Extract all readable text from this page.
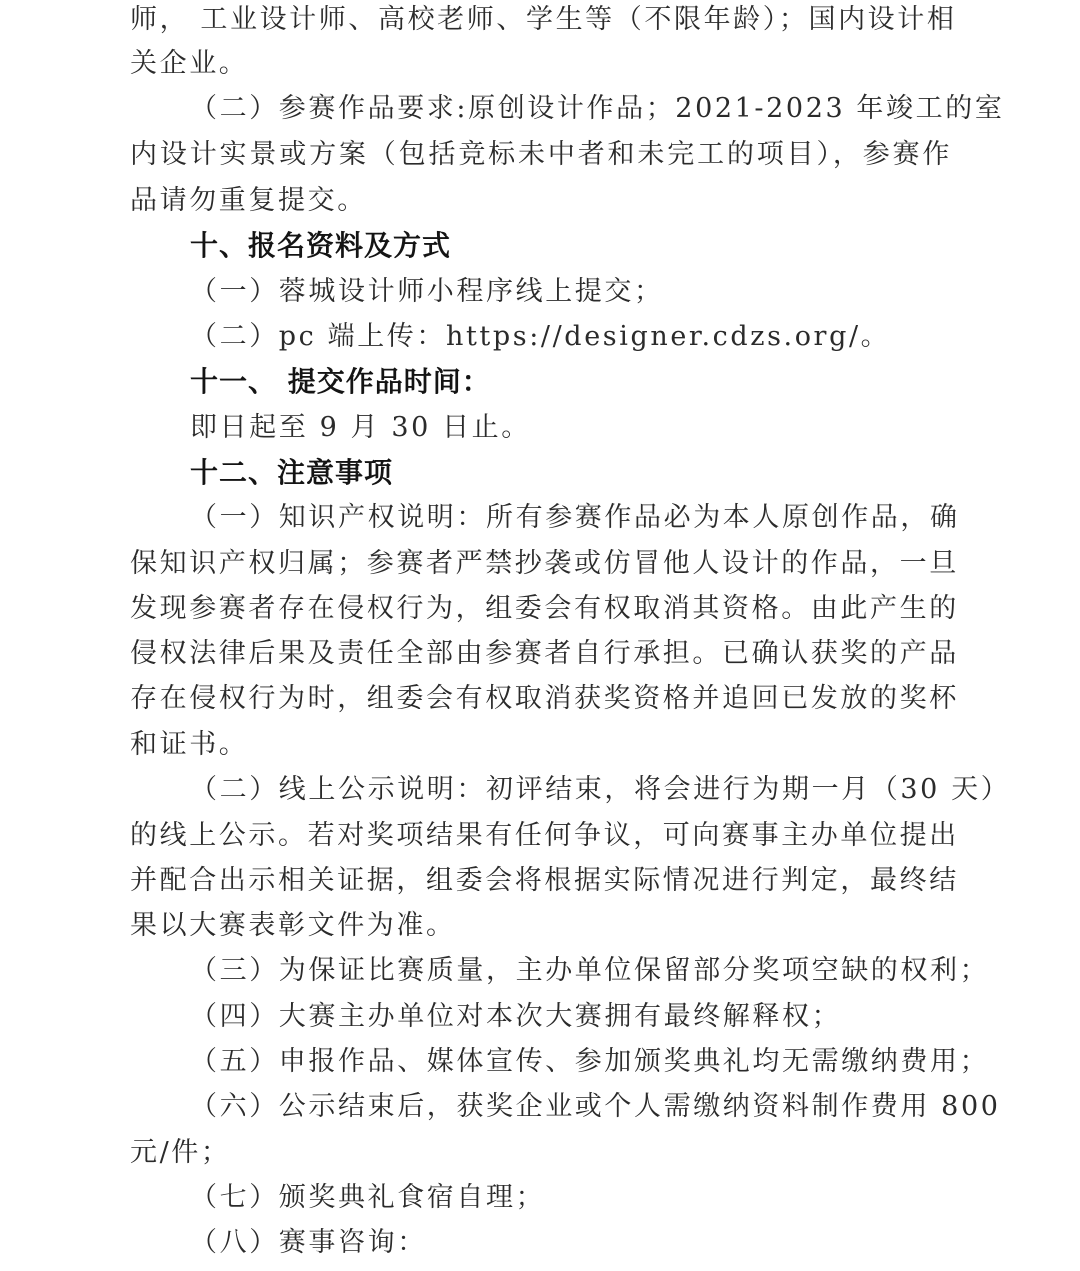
师， 工业设计师、高校老师、学生等（不限年龄）；国内设计相
关企业。
（二）参赛作品要求:原创设计作品；2021-2023 年竣工的室
内设计实景或方案（包括竞标未中者和未完工的项目），参赛作
品请勿重复提交。
十、报名资料及方式
（一）蓉城设计师小程序线上提交；
（二）pc 端上传：https://designer.cdzs.org/。
十一、 提交作品时间：
即日起至 9 月 30 日止。
十二、注意事项
（一）知识产权说明：所有参赛作品必为本人原创作品，确
保知识产权归属；参赛者严禁抄袭或仿冒他人设计的作品，一旦
发现参赛者存在侵权行为，组委会有权取消其资格。由此产生的
侵权法律后果及责任全部由参赛者自行承担。已确认获奖的产品
存在侵权行为时，组委会有权取消获奖资格并追回已发放的奖杯
和证书。
（二）线上公示说明：初评结束，将会进行为期一月（30 天）
的线上公示。若对奖项结果有任何争议，可向赛事主办单位提出
并配合出示相关证据，组委会将根据实际情况进行判定，最终结
果以大赛表彰文件为准。
（三）为保证比赛质量，主办单位保留部分奖项空缺的权利；
（四）大赛主办单位对本次大赛拥有最终解释权；
（五）申报作品、媒体宣传、参加颁奖典礼均无需缴纳费用；
（六）公示结束后，获奖企业或个人需缴纳资料制作费用 800
元/件；
（七）颁奖典礼食宿自理；
（八）赛事咨询：
